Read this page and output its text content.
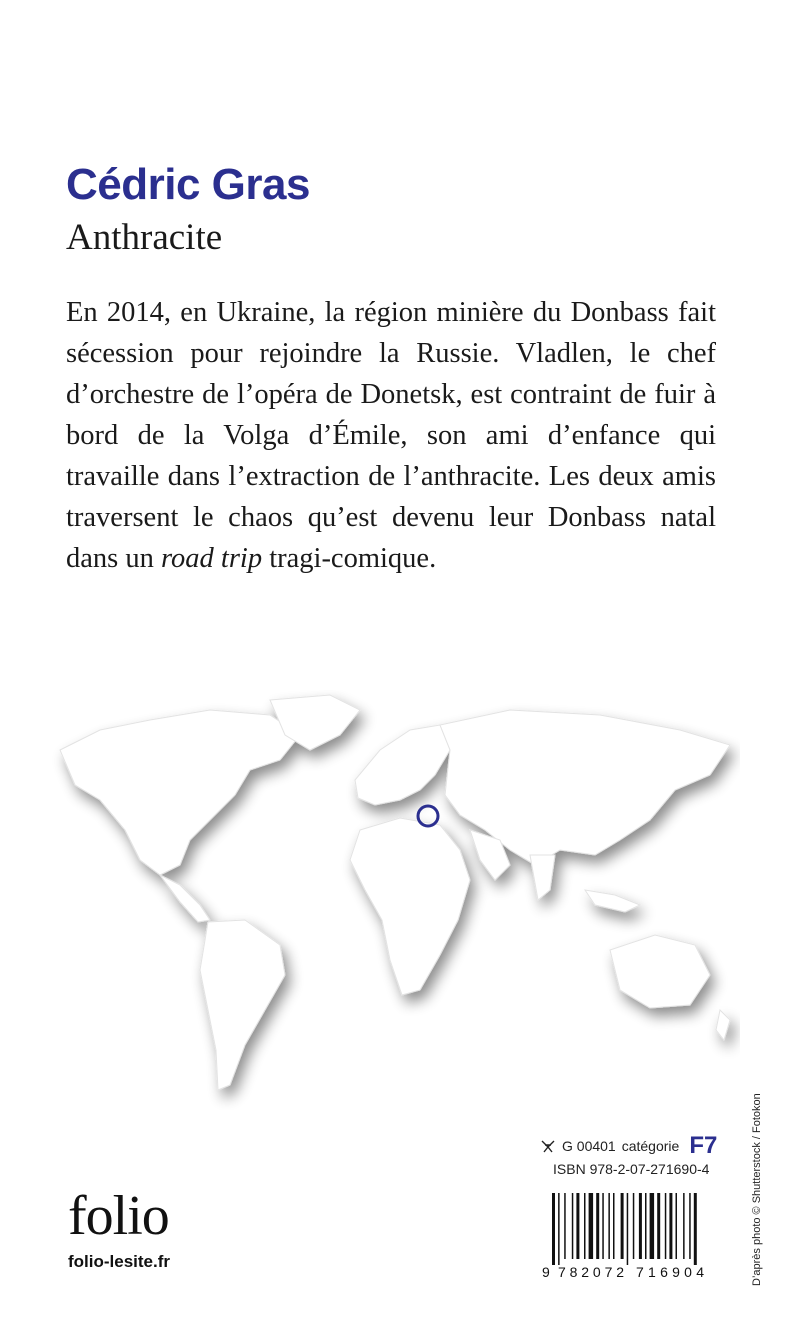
Cédric Gras
Anthracite

En 2014, en Ukraine, la région minière du Donbass fait sécession pour rejoindre la Russie. Vladlen, le chef d’orchestre de l’opéra de Donetsk, est contraint de fuir à bord de la Volga d’Émile, son ami d’enfance qui travaille dans l’extraction de l’anthracite. Les deux amis traversent le chaos qu’est devenu leur Donbass natal dans un road trip tragi-comique.

D’après photo © Shutterstock / Fotokon
G 00401 catégorie F7
ISBN 978-2-07-271690-4
9 782072 716904
folio
folio-lesite.fr
